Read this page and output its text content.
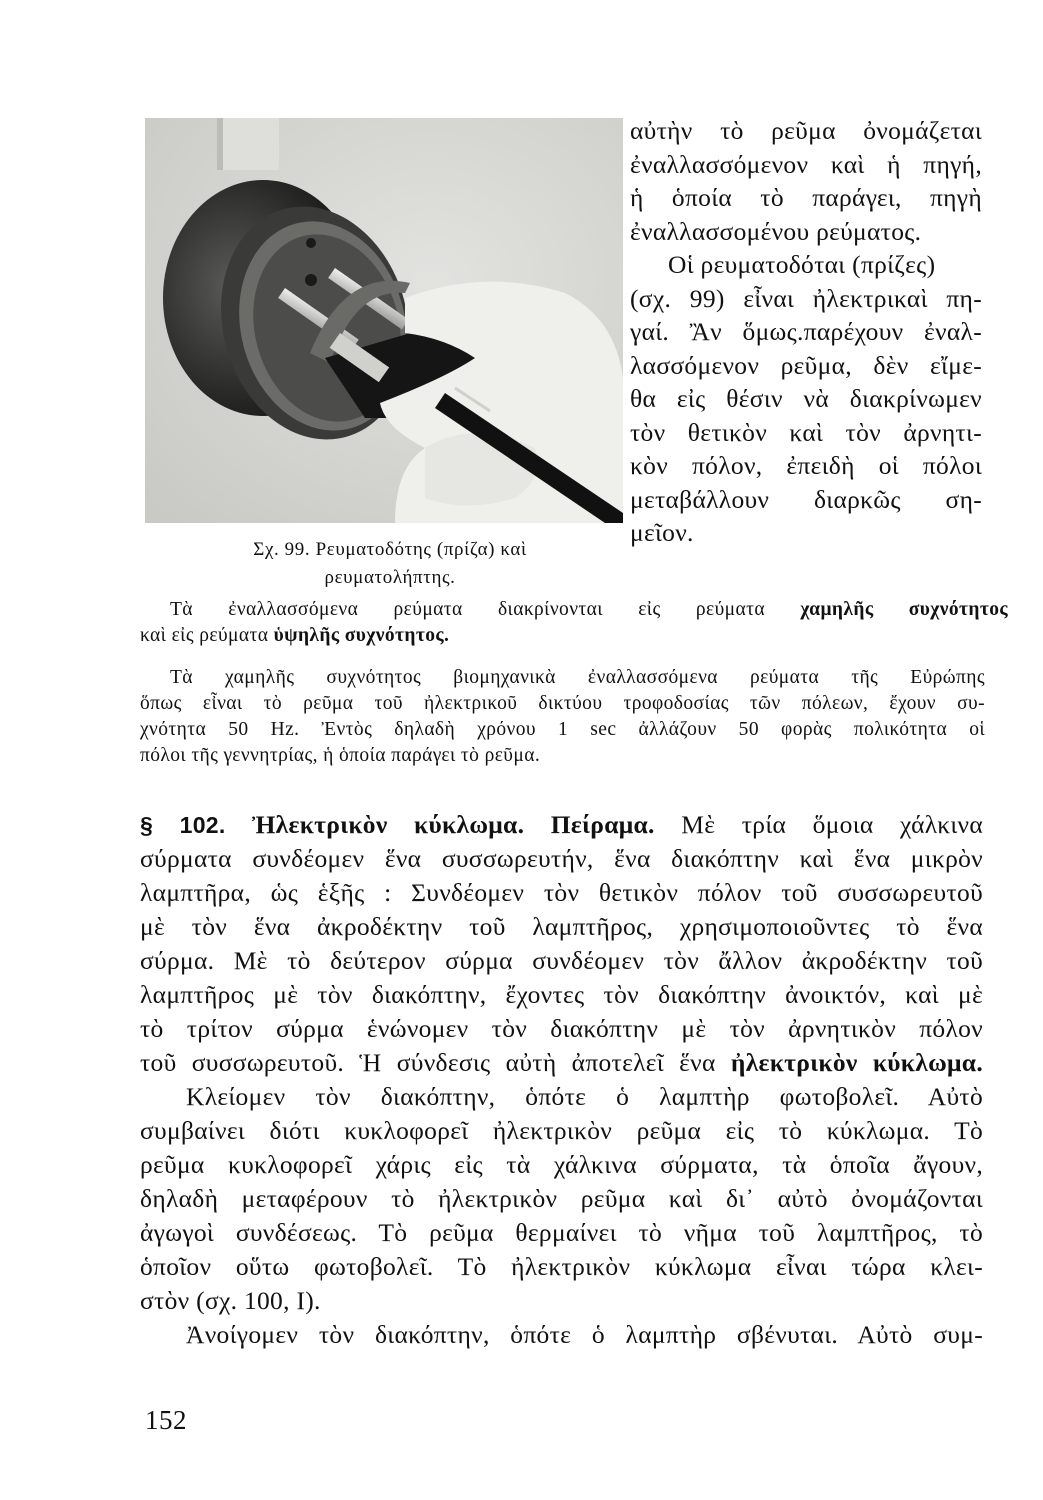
Σχ. 99. Ρευματοδότης (πρίζα) καὶ
ρευματολήπτης.
αὐτὴν τὸ ρεῦμα ὀνομάζεται
ἐναλλασσόμενον καὶ ἡ πηγή,
ἡ ὁποία τὸ παράγει, πηγὴ
ἐναλλασσομένου ρεύματος.
Οἱ ρευματοδόται (πρίζες)
(σχ. 99) εἶναι ἠλεκτρικαὶ πη-
γαί. Ἂν ὅμως.παρέχουν ἐναλ-
λασσόμενον ρεῦμα, δὲν εἴμε-
θα εἰς θέσιν νὰ διακρίνωμεν
τὸν θετικὸν καὶ τὸν ἀρνητι-
κὸν πόλον, ἐπειδὴ οἱ πόλοι
μεταβάλλουν διαρκῶς ση-
μεῖον.
Τὰ ἐναλλασσόμενα ρεύματα διακρίνονται εἰς ρεύματα χαμηλῆς συχνότητος
καὶ εἰς ρεύματα ὑψηλῆς συχνότητος.
Τὰ χαμηλῆς συχνότητος βιομηχανικὰ ἐναλλασσόμενα ρεύματα τῆς Εὐρώπης
ὅπως εἶναι τὸ ρεῦμα τοῦ ἠλεκτρικοῦ δικτύου τροφοδοσίας τῶν πόλεων, ἔχουν συ-
χνότητα 50 Hz. Ἐντὸς δηλαδὴ χρόνου 1 sec ἀλλάζουν 50 φορὰς πολικότητα οἱ
πόλοι τῆς γεννητρίας, ἡ ὁποία παράγει τὸ ρεῦμα.
§ 102. Ἠλεκτρικὸν κύκλωμα. Πείραμα. Μὲ τρία ὅμοια χάλκινα
σύρματα συνδέομεν ἕνα συσσωρευτήν, ἕνα διακόπτην καὶ ἕνα μικρὸν
λαμπτῆρα, ὡς ἑξῆς : Συνδέομεν τὸν θετικὸν πόλον τοῦ συσσωρευτοῦ
μὲ τὸν ἕνα ἀκροδέκτην τοῦ λαμπτῆρος, χρησιμοποιοῦντες τὸ ἕνα
σύρμα. Μὲ τὸ δεύτερον σύρμα συνδέομεν τὸν ἄλλον ἀκροδέκτην τοῦ
λαμπτῆρος μὲ τὸν διακόπτην, ἔχοντες τὸν διακόπτην ἀνοικτόν, καὶ μὲ
τὸ τρίτον σύρμα ἑνώνομεν τὸν διακόπτην μὲ τὸν ἀρνητικὸν πόλον
τοῦ συσσωρευτοῦ. Ἡ σύνδεσις αὐτὴ ἀποτελεῖ ἕνα ἠλεκτρικὸν κύκλωμα.
Κλείομεν τὸν διακόπτην, ὁπότε ὁ λαμπτὴρ φωτοβολεῖ. Αὐτὸ
συμβαίνει διότι κυκλοφορεῖ ἠλεκτρικὸν ρεῦμα εἰς τὸ κύκλωμα. Τὸ
ρεῦμα κυκλοφορεῖ χάρις εἰς τὰ χάλκινα σύρματα, τὰ ὁποῖα ἄγουν,
δηλαδὴ μεταφέρουν τὸ ἠλεκτρικὸν ρεῦμα καὶ δι᾽ αὐτὸ ὀνομάζονται
ἀγωγοὶ συνδέσεως. Τὸ ρεῦμα θερμαίνει τὸ νῆμα τοῦ λαμπτῆρος, τὸ
ὁποῖον οὕτω φωτοβολεῖ. Τὸ ἠλεκτρικὸν κύκλωμα εἶναι τώρα κλει-
στὸν (σχ. 100, Ι).
Ἀνοίγομεν τὸν διακόπτην, ὁπότε ὁ λαμπτὴρ σβένυται. Αὐτὸ συμ-
152
